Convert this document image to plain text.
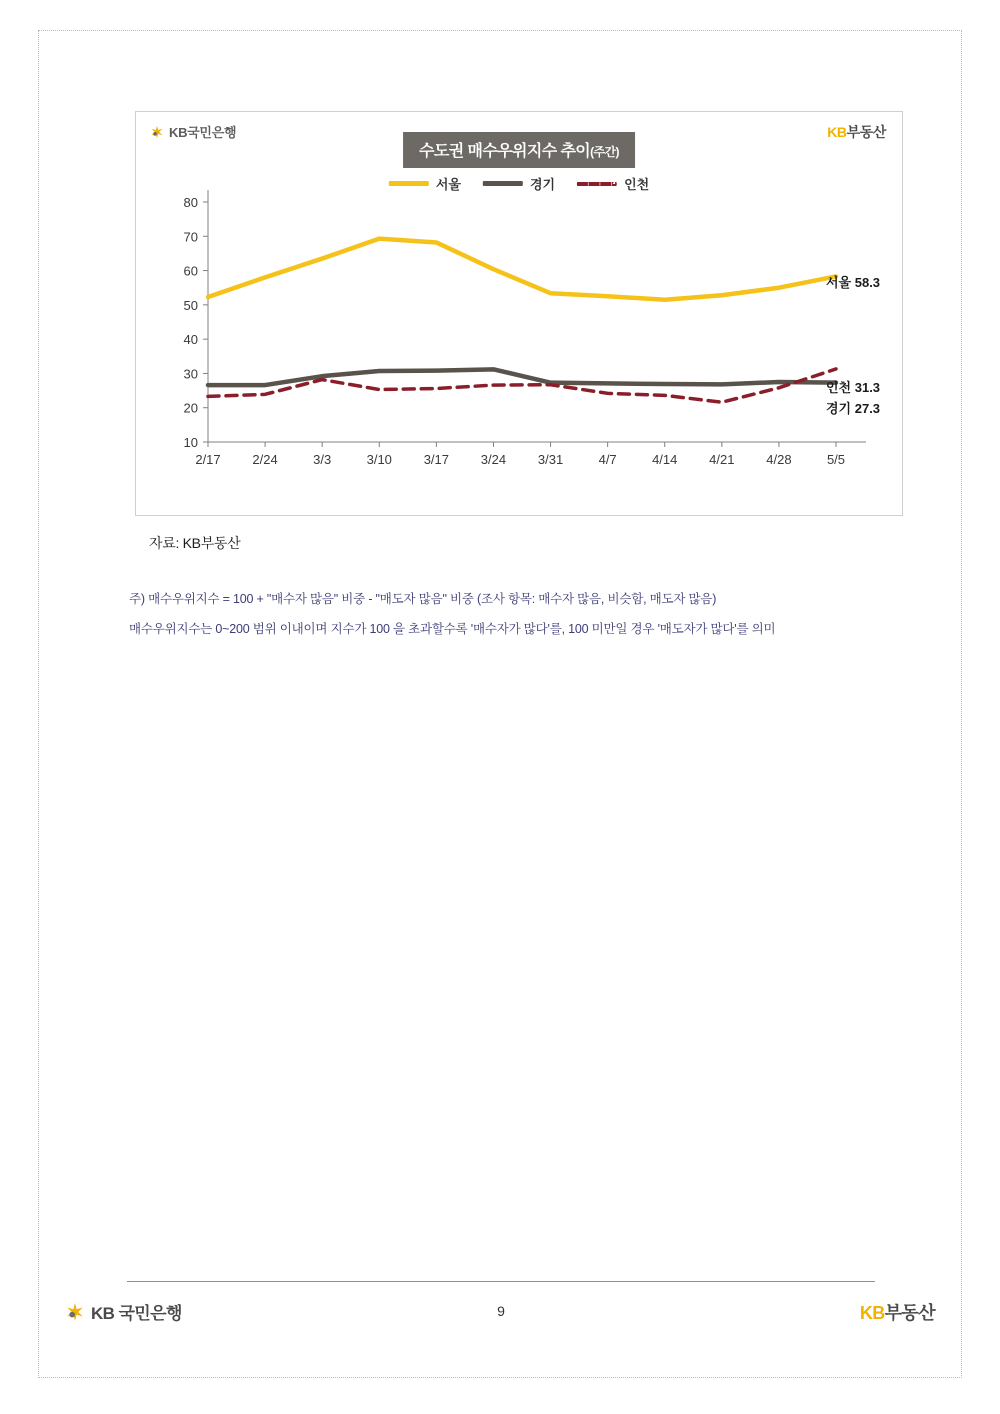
KB국민은행	KB부동산
수도권 매수우위지수 추이(주간)
서울	경기	인천
10
20
30
40
50
60
70
80
2/17 2/24	3/3	3/10 3/17 3/24 3/31	4/7	4/14 4/21 4/28	5/5
서울 58.3
인천 31.3
경기 27.3
자료: KB부동산
주) 매수우위지수 = 100 + "매수자 많음" 비중 - "매도자 많음" 비중 (조사 항목: 매수자 많음, 비슷함, 매도자 많음)
매수우위지수는 0~200 범위 이내이며 지수가 100 을 초과할수록 '매수자가 많다'를, 100 미만일 경우 '매도자가 많다'를 의미
KB 국민은행	9	KB부동산
